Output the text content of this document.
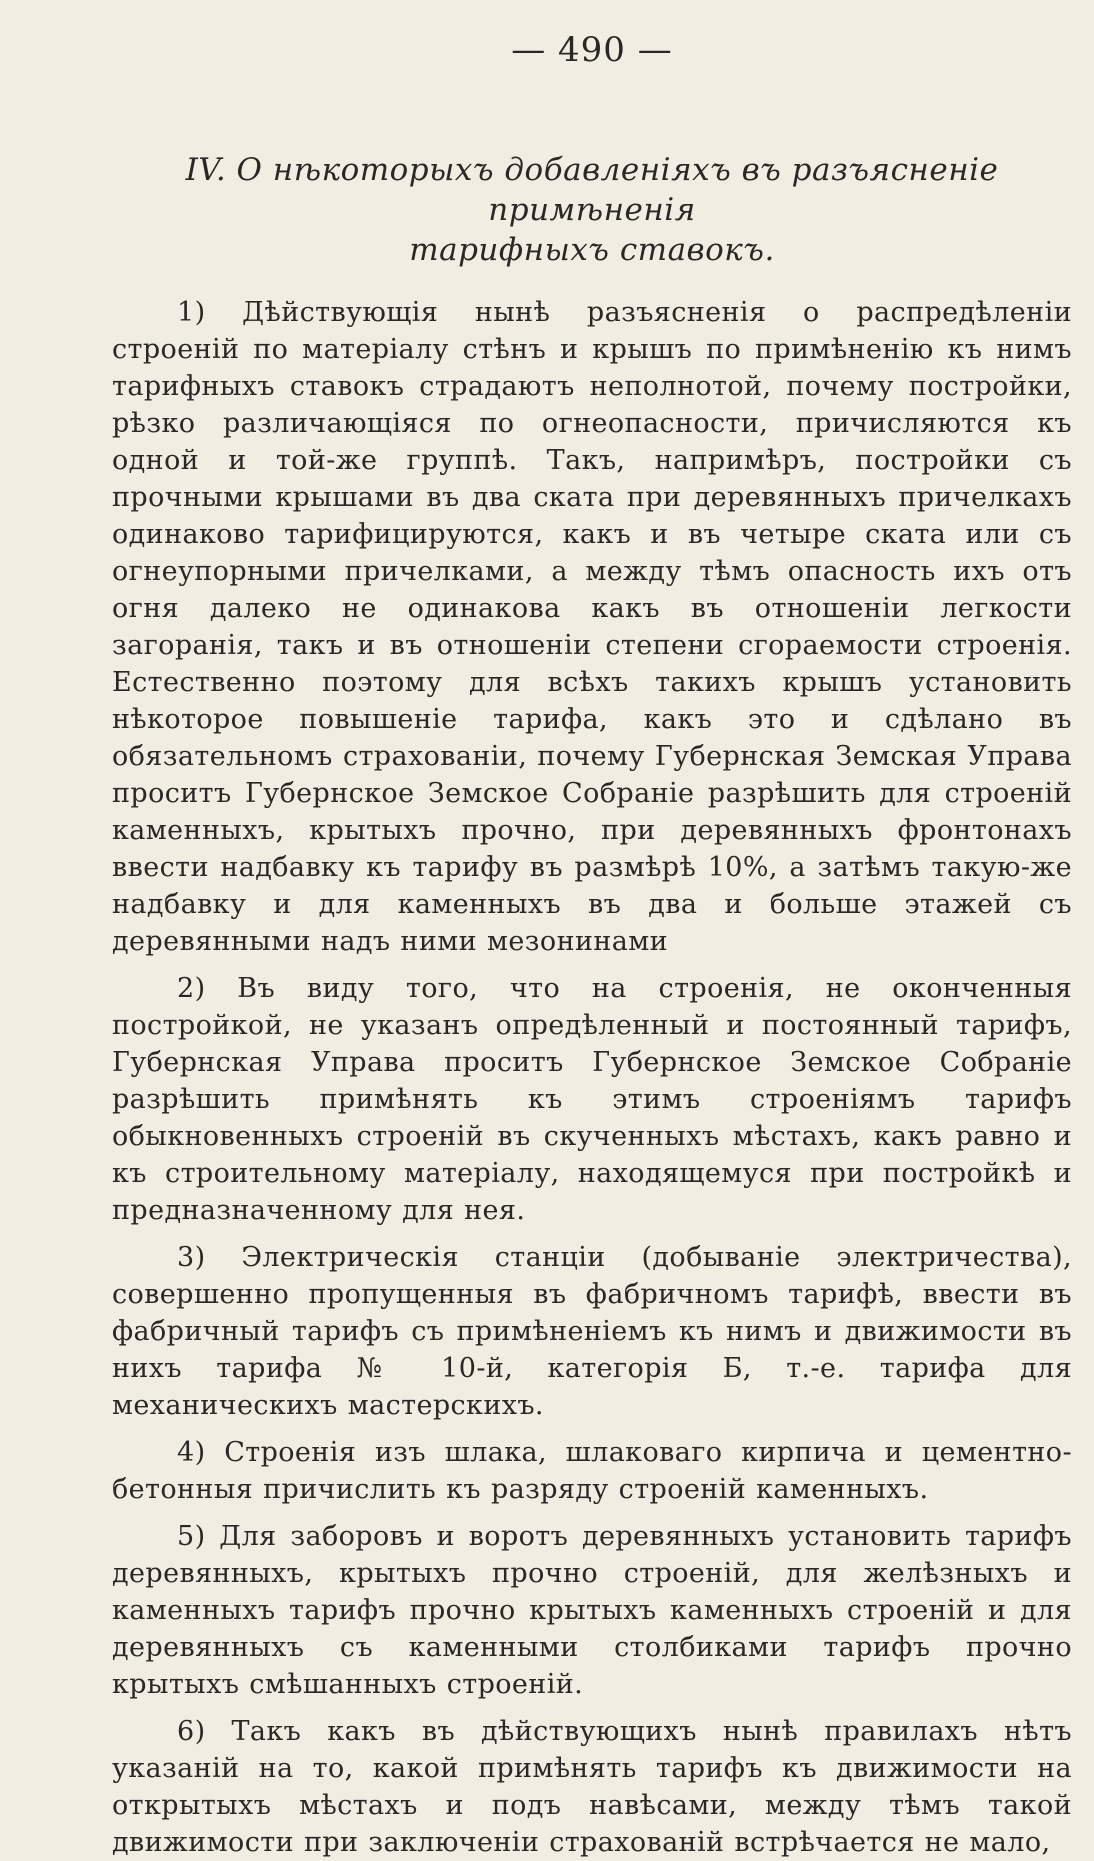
— 490 —
IV. О нѣкоторыхъ добавленіяхъ въ разъясненіе примѣненія
тарифныхъ ставокъ.

1) Дѣйствующія нынѣ разъясненія о распредѣленіи строеній по матеріалу стѣнъ и крышъ по примѣненію къ нимъ тарифныхъ ставокъ страдаютъ неполнотой, почему постройки, рѣзко различающіяся по огнеопасности, причисляются къ одной и той-же группѣ. Такъ, напримѣръ, постройки съ прочными крышами въ два ската при деревянныхъ причелкахъ одинаково тарифицируются, какъ и въ четыре ската или съ огнеупорными причелками, а между тѣмъ опасность ихъ отъ огня далеко не одинакова какъ въ отношеніи легкости загоранія, такъ и въ отношеніи степени сгораемости строенія. Естественно поэтому для всѣхъ такихъ крышъ установить нѣкоторое повышеніе тарифа, какъ это и сдѣлано въ обязательномъ страхованіи, почему Губернская Земская Управа проситъ Губернское Земское Собраніе разрѣшить для строеній каменныхъ, крытыхъ прочно, при деревянныхъ фронтонахъ ввести надбавку къ тарифу въ размѣрѣ 10%, а затѣмъ такую-же надбавку и для каменныхъ въ два и больше этажей съ деревянными надъ ними мезонинами

2) Въ виду того, что на строенія, не оконченныя постройкой, не указанъ опредѣленный и постоянный тарифъ, Губернская Управа проситъ Губернское Земское Собраніе разрѣшить примѣнять къ этимъ строеніямъ тарифъ обыкновенныхъ строеній въ скученныхъ мѣстахъ, какъ равно и къ строительному матеріалу, находящемуся при постройкѣ и предназначенному для нея.

3) Электрическія станціи (добываніе электричества), совершенно пропущенныя въ фабричномъ тарифѣ, ввести въ фабричный тарифъ съ примѣненіемъ къ нимъ и движимости въ нихъ тарифа № 10-й, категорія Б, т.-е. тарифа для механическихъ мастерскихъ.

4) Строенія изъ шлака, шлаковаго кирпича и цементно-бетонныя причислить къ разряду строеній каменныхъ.

5) Для заборовъ и воротъ деревянныхъ установить тарифъ деревянныхъ, крытыхъ прочно строеній, для желѣзныхъ и каменныхъ тарифъ прочно крытыхъ каменныхъ строеній и для деревянныхъ съ каменными столбиками тарифъ прочно крытыхъ смѣшанныхъ строеній.

6) Такъ какъ въ дѣйствующихъ нынѣ правилахъ нѣтъ указаній на то, какой примѣнять тарифъ къ движимости на открытыхъ мѣстахъ и подъ навѣсами, между тѣмъ такой движимости при заключеніи страхованій встрѣчается не мало,
